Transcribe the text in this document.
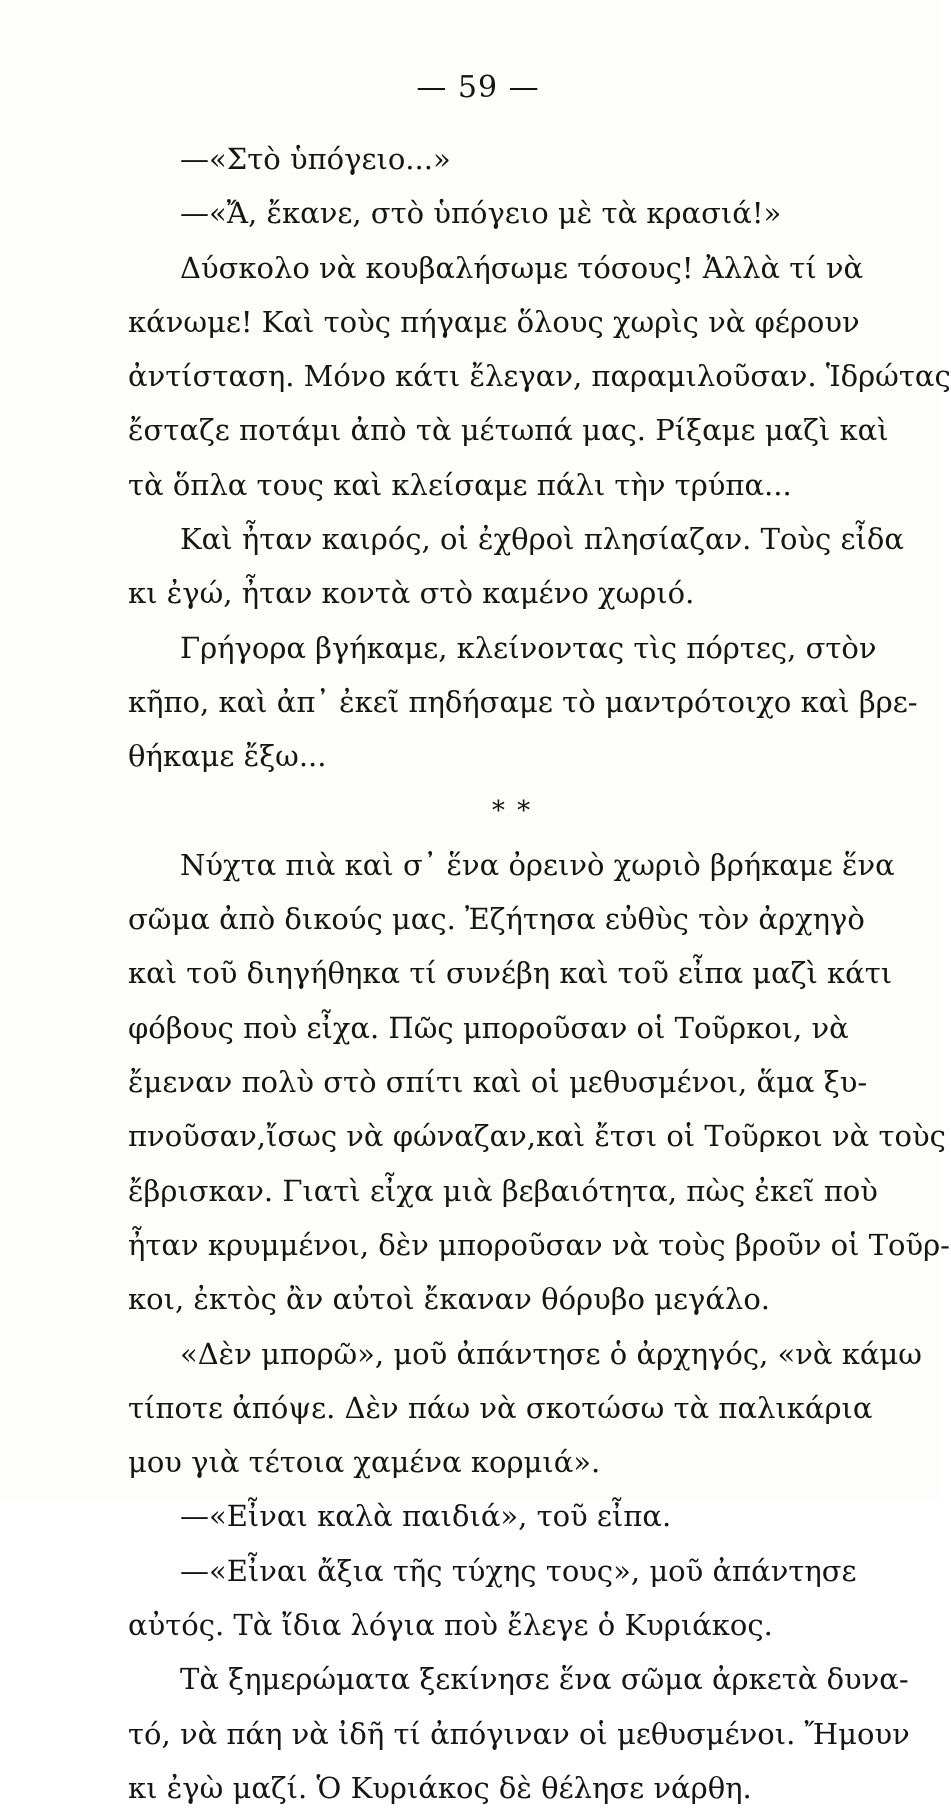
— 59 —
—«Στὸ ὑπόγειο...»
—«Ἄ, ἔκανε, στὸ ὑπόγειο μὲ τὰ κρασιά!»
Δύσκολο νὰ κουβαλήσωμε τόσους! Ἀλλὰ τί νὰ
κάνωμε! Καὶ τοὺς πήγαμε ὅλους χωρὶς νὰ φέρουν
ἀντίσταση. Μόνο κάτι ἔλεγαν, παραμιλοῦσαν. Ἱδρώτας
ἔσταζε ποτάμι ἀπὸ τὰ μέτωπά μας. Ρίξαμε μαζὶ καὶ
τὰ ὅπλα τους καὶ κλείσαμε πάλι τὴν τρύπα...
Καὶ ἦταν καιρός, οἱ ἐχθροὶ πλησίαζαν. Τοὺς εἶδα
κι ἐγώ, ἦταν κοντὰ στὸ καμένο χωριό.
Γρήγορα βγήκαμε, κλείνοντας τὶς πόρτες, στὸν
κῆπο, καὶ ἀπ᾽ ἐκεῖ πηδήσαμε τὸ μαντρότοιχο καὶ βρε-
θήκαμε ἔξω...
* *
Νύχτα πιὰ καὶ σ᾽ ἕνα ὀρεινὸ χωριὸ βρήκαμε ἕνα
σῶμα ἀπὸ δικούς μας. Ἐζήτησα εὐθὺς τὸν ἀρχηγὸ
καὶ τοῦ διηγήθηκα τί συνέβη καὶ τοῦ εἶπα μαζὶ κάτι
φόβους ποὺ εἶχα. Πῶς μποροῦσαν οἱ Τοῦρκοι, νὰ
ἔμεναν πολὺ στὸ σπίτι καὶ οἱ μεθυσμένοι, ἅμα ξυ-
πνοῦσαν,ἴσως νὰ φώναζαν,καὶ ἔτσι οἱ Τοῦρκοι νὰ τοὺς
ἔβρισκαν. Γιατὶ εἶχα μιὰ βεβαιότητα, πὼς ἐκεῖ ποὺ
ἦταν κρυμμένοι, δὲν μποροῦσαν νὰ τοὺς βροῦν οἱ Τοῦρ-
κοι, ἐκτὸς ἂν αὐτοὶ ἔκαναν θόρυβο μεγάλο.
«Δὲν μπορῶ», μοῦ ἀπάντησε ὁ ἀρχηγός, «νὰ κάμω
τίποτε ἀπόψε. Δὲν πάω νὰ σκοτώσω τὰ παλικάρια
μου γιὰ τέτοια χαμένα κορμιά».
—«Εἶναι καλὰ παιδιά», τοῦ εἶπα.
—«Εἶναι ἄξια τῆς τύχης τους», μοῦ ἀπάντησε
αὐτός. Τὰ ἴδια λόγια ποὺ ἔλεγε ὁ Κυριάκος.
Τὰ ξημερώματα ξεκίνησε ἕνα σῶμα ἀρκετὰ δυνα-
τό, νὰ πάη νὰ ἰδῆ τί ἀπόγιναν οἱ μεθυσμένοι. Ἤμουν
κι ἐγὼ μαζί. Ὁ Κυριάκος δὲ θέλησε νάρθη.
